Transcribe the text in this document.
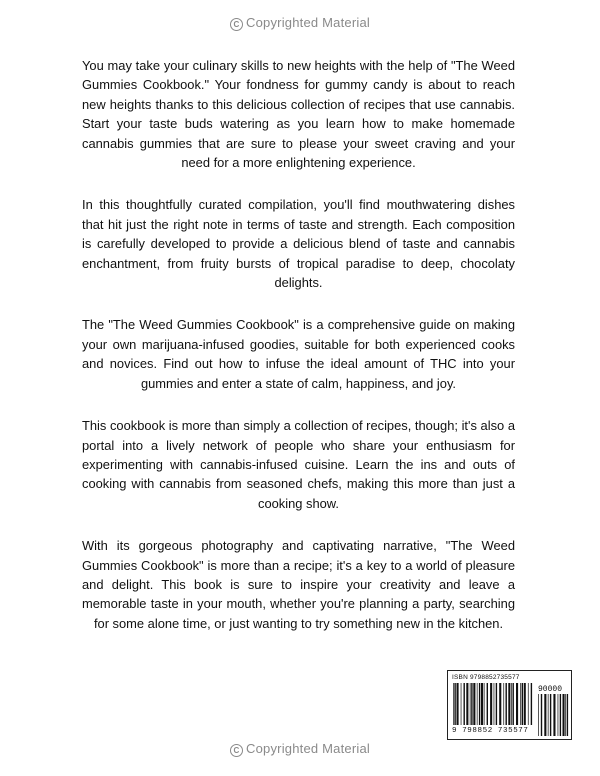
C Copyrighted Material

You may take your culinary skills to new heights with the help of "The Weed Gummies Cookbook." Your fondness for gummy candy is about to reach new heights thanks to this delicious collection of recipes that use cannabis. Start your taste buds watering as you learn how to make homemade cannabis gummies that are sure to please your sweet craving and your need for a more enlightening experience.

In this thoughtfully curated compilation, you'll find mouthwatering dishes that hit just the right note in terms of taste and strength. Each composition is carefully developed to provide a delicious blend of taste and cannabis enchantment, from fruity bursts of tropical paradise to deep, chocolaty delights.

The "The Weed Gummies Cookbook" is a comprehensive guide on making your own marijuana-infused goodies, suitable for both experienced cooks and novices. Find out how to infuse the ideal amount of THC into your gummies and enter a state of calm, happiness, and joy.

This cookbook is more than simply a collection of recipes, though; it's also a portal into a lively network of people who share your enthusiasm for experimenting with cannabis-infused cuisine. Learn the ins and outs of cooking with cannabis from seasoned chefs, making this more than just a cooking show.

With its gorgeous photography and captivating narrative, "The Weed Gummies Cookbook" is more than a recipe; it's a key to a world of pleasure and delight. This book is sure to inspire your creativity and leave a memorable taste in your mouth, whether you're planning a party, searching for some alone time, or just wanting to try something new in the kitchen.

ISBN 9798852735577
90000
9 798852 735577
C Copyrighted Material
